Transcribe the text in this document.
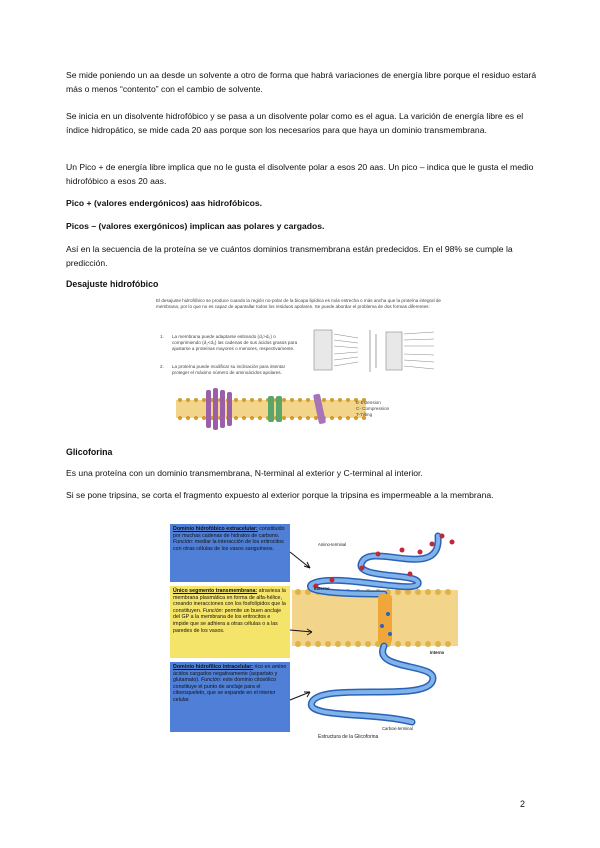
Se mide poniendo un aa desde un solvente a otro de forma que habrá variaciones de energía libre porque el residuo estará más o menos “contento” con el cambio de solvente.

Se inicia en un disolvente hidrofóbico y se pasa a un disolvente polar como es el agua. La varición de energía libre es el índice hidropático, se mide cada 20 aas porque son los necesarios para que haya un dominio transmembrana.

Un Pico + de energía libre implica que no le gusta el disolvente polar a esos 20 aas. Un pico – indica que le gusta el medio hidrofóbico a esos 20 aas.

Pico + (valores endergónicos) aas hidrofóbicos.

Picos – (valores exergónicos) implican aas polares y cargados.

Así en la secuencia de la proteína se ve cuántos dominios transmembrana están predecidos. En el 98% se cumple la predicción.

Desajuste hidrofóbico

El desajuste hidrofóbico se produce cuando la región no-polar de la bicapa lipídica es más estrecha o más ancha que la proteína integral de membrana, por lo que no es capaz de apantallar todos los residuos apolares. Se puede abordar el problema de dos formas diferentes:
1.	La membrana puede adaptarse estirando (d₁>d₀) o comprimiendo (d₁<d₀) las cadenas de sus ácidos grasos para ajustarse a proteínas mayores o menores, respectivamente.
2.	La proteína puede modificar su inclinación para intentar proteger el máximo número de aminoácidos apolares.
E-Extension
C- Compression
T-Tilting

Glicoforina

Es una proteína con un dominio transmembrana, N-terminal al exterior y C-terminal al interior.

Si se pone tripsina, se corta el fragmento expuesto al exterior porque la tripsina es impermeable a la membrana.

Dominio hidrofóbico extracelular: constituido por muchas cadenas de hidratos de carbono. Función: mediar la interacción de los eritrocitos con otras células de los vasos sanguíneos.
Único segmento transmembrana: atraviesa la membrana plasmática en forma de alfa-hélice, creando ineracciones con los fosfolípidos que la constituyen. Función: permite un buen anclaje del GP a la membrana de los eritrocitos e impide que se adhiera a otras células o a las paredes de los vasos.
Dominio hidrofílico intracelular: rico en amino ácidos cargados negativamente (aspartato y glutamato). Función: este dominio citosólico constituye el punto de anclaje para el citoesqueleto, que se expande en el interior celular.
Amino-terminal
Externo
Interno
Carboxi-terminal
Estructura de la Glicoforina
2
